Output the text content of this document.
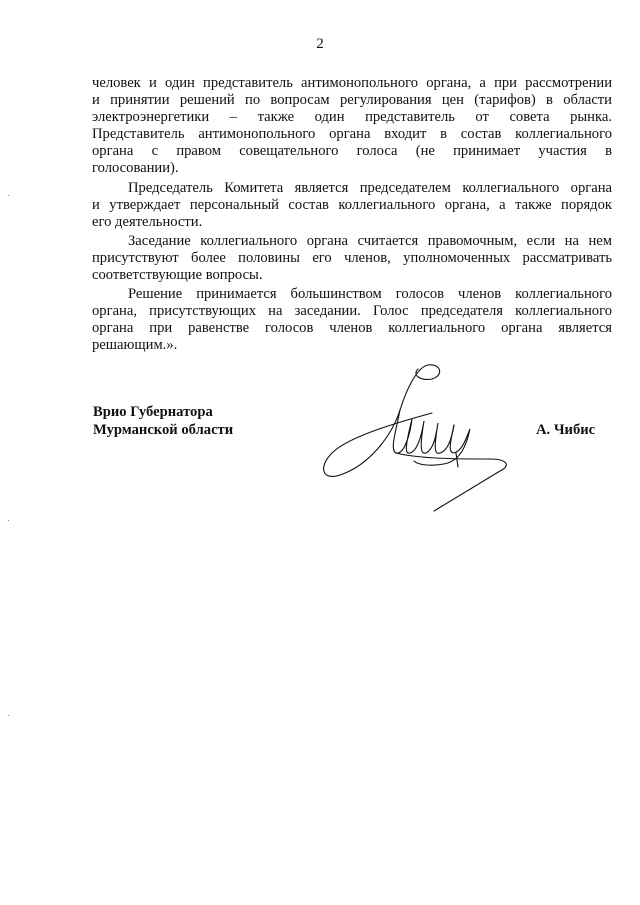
2
человек и один представитель антимонопольного органа, а при рассмотрении
и принятии решений по вопросам регулирования цен (тарифов) в области
электроэнергетики – также один представитель от совета рынка.
Представитель антимонопольного органа входит в состав коллегиального
органа с правом совещательного голоса (не принимает участия в
голосовании).
Председатель Комитета является председателем коллегиального органа
и утверждает персональный состав коллегиального органа, а также порядок
его деятельности.
Заседание коллегиального органа считается правомочным, если на нем
присутствуют более половины его членов, уполномоченных рассматривать
соответствующие вопросы.
Решение принимается большинством голосов членов коллегиального
органа, присутствующих на заседании. Голос председателя коллегиального
органа при равенстве голосов членов коллегиального органа является
решающим.».
Врио Губернатора
Мурманской области	А. Чибис
